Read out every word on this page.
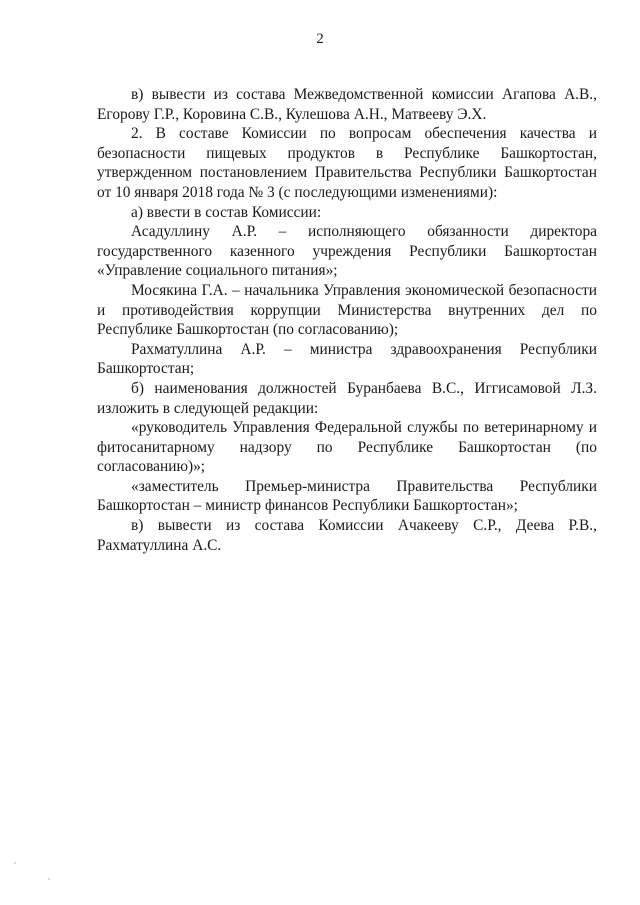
2

в) вывести из состава Межведомственной комиссии Агапова А.В., Егорову Г.Р., Коровина С.В., Кулешова А.Н., Матвееву Э.Х.

2. В составе Комиссии по вопросам обеспечения качества и безопасности пищевых продуктов в Республике Башкортостан, утвержденном постановлением Правительства Республики Башкортостан от 10 января 2018 года № 3 (с последующими изменениями):

а) ввести в состав Комиссии:

Асадуллину А.Р. – исполняющего обязанности директора государственного казенного учреждения Республики Башкортостан «Управление социального питания»;

Мосякина Г.А. – начальника Управления экономической безопасности и противодействия коррупции Министерства внутренних дел по Республике Башкортостан (по согласованию);

Рахматуллина А.Р. – министра здравоохранения Республики Башкортостан;

б) наименования должностей Буранбаева В.С., Иггисамовой Л.З. изложить в следующей редакции:

«руководитель Управления Федеральной службы по ветеринарному и фитосанитарному надзору по Республике Башкортостан (по согласованию)»;

«заместитель Премьер-министра Правительства Республики Башкортостан – министр финансов Республики Башкортостан»;

в) вывести из состава Комиссии Ачакееву С.Р., Деева Р.В., Рахматуллина А.С.
